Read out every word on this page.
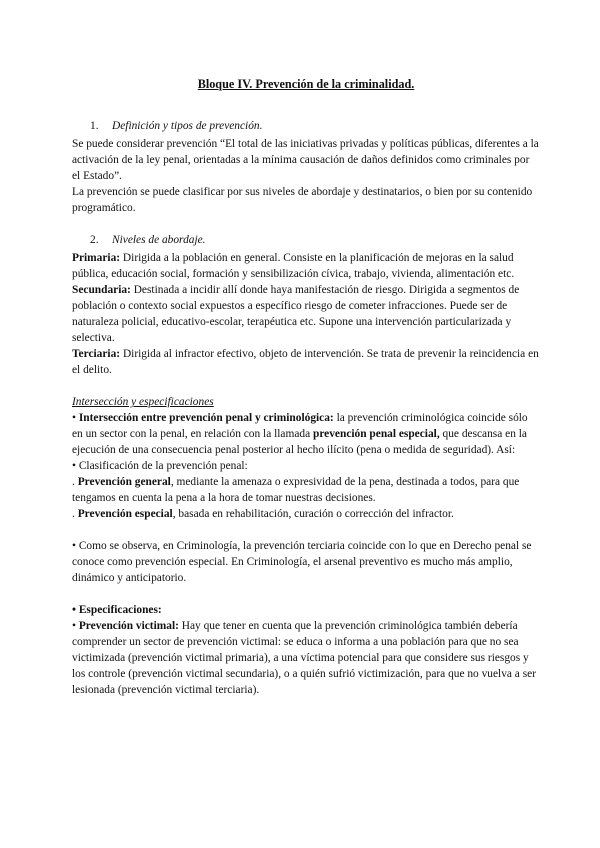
Bloque IV. Prevención de la criminalidad.
1. Definición y tipos de prevención.

Se puede considerar prevención “El total de las iniciativas privadas y políticas públicas, diferentes a la activación de la ley penal, orientadas a la mínima causación de daños definidos como criminales por el Estado”.

La prevención se puede clasificar por sus niveles de abordaje y destinatarios, o bien por su contenido programático.

2. Niveles de abordaje.

Primaria: Dirigida a la población en general. Consiste en la planificación de mejoras en la salud pública, educación social, formación y sensibilización cívica, trabajo, vivienda, alimentación etc.

Secundaria: Destinada a incidir allí donde haya manifestación de riesgo. Dirigida a segmentos de población o contexto social expuestos a específico riesgo de cometer infracciones. Puede ser de naturaleza policial, educativo-escolar, terapéutica etc. Supone una intervención particularizada y selectiva.

Terciaria: Dirigida al infractor efectivo, objeto de intervención. Se trata de prevenir la reincidencia en el delito.

Intersección y especificaciones

• Intersección entre prevención penal y criminológica: la prevención criminológica coincide sólo en un sector con la penal, en relación con la llamada prevención penal especial, que descansa en la ejecución de una consecuencia penal posterior al hecho ilícito (pena o medida de seguridad). Así:

• Clasificación de la prevención penal:

. Prevención general, mediante la amenaza o expresividad de la pena, destinada a todos, para que tengamos en cuenta la pena a la hora de tomar nuestras decisiones.

. Prevención especial, basada en rehabilitación, curación o corrección del infractor.

• Como se observa, en Criminología, la prevención terciaria coincide con lo que en Derecho penal se conoce como prevención especial. En Criminología, el arsenal preventivo es mucho más amplio, dinámico y anticipatorio.

• Especificaciones:

• Prevención victimal: Hay que tener en cuenta que la prevención criminológica también debería comprender un sector de prevención victimal: se educa o informa a una población para que no sea victimizada (prevención victimal primaria), a una víctima potencial para que considere sus riesgos y los controle (prevención victimal secundaria), o a quién sufrió victimización, para que no vuelva a ser lesionada (prevención victimal terciaria).
